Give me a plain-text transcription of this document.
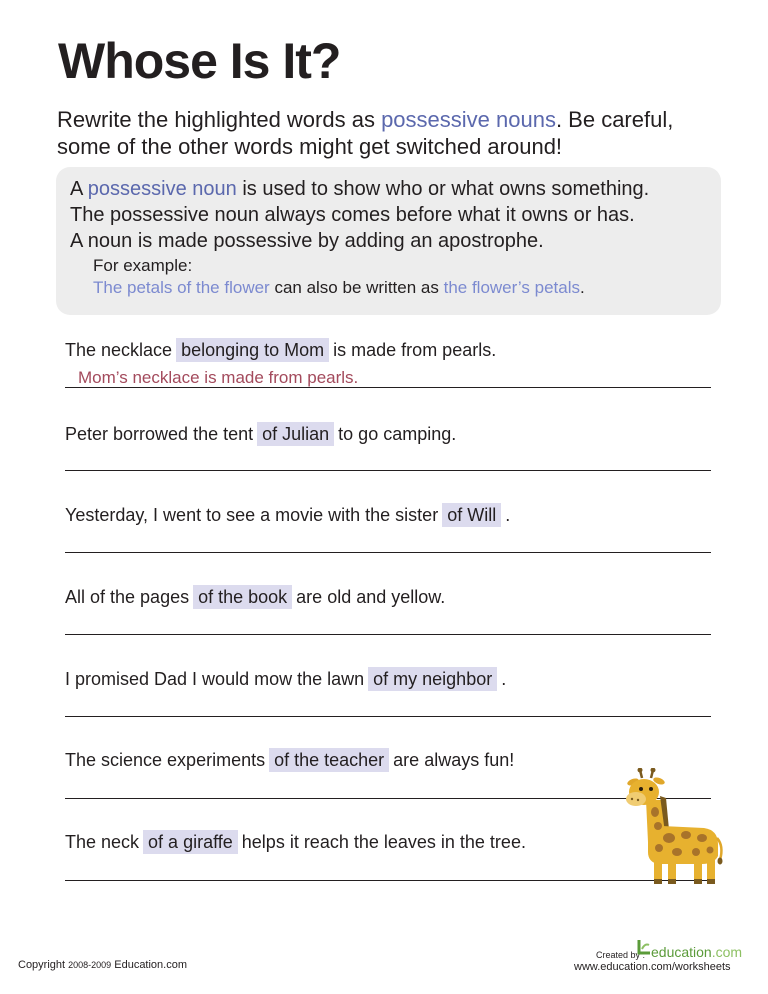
Whose Is It?
Rewrite the highlighted words as possessive nouns. Be careful,
some of the other words might get switched around!
A possessive noun is used to show who or what owns something.
The possessive noun always comes before what it owns or has.
A noun is made possessive by adding an apostrophe.
For example:
The petals of the flower can also be written as the flower’s petals.
The necklace belonging to Mom is made from pearls.
Mom’s necklace is made from pearls.
Peter borrowed the tent of Julian to go camping.
Yesterday, I went to see a movie with the sister of Will .
All of the pages of the book are old and yellow.
I promised Dad I would mow the lawn of my neighbor .
The science experiments of the teacher are always fun!
The neck of a giraffe helps it reach the leaves in the tree.
Copyright 2008-2009 Education.com
Created by : education.com
www.education.com/worksheets
